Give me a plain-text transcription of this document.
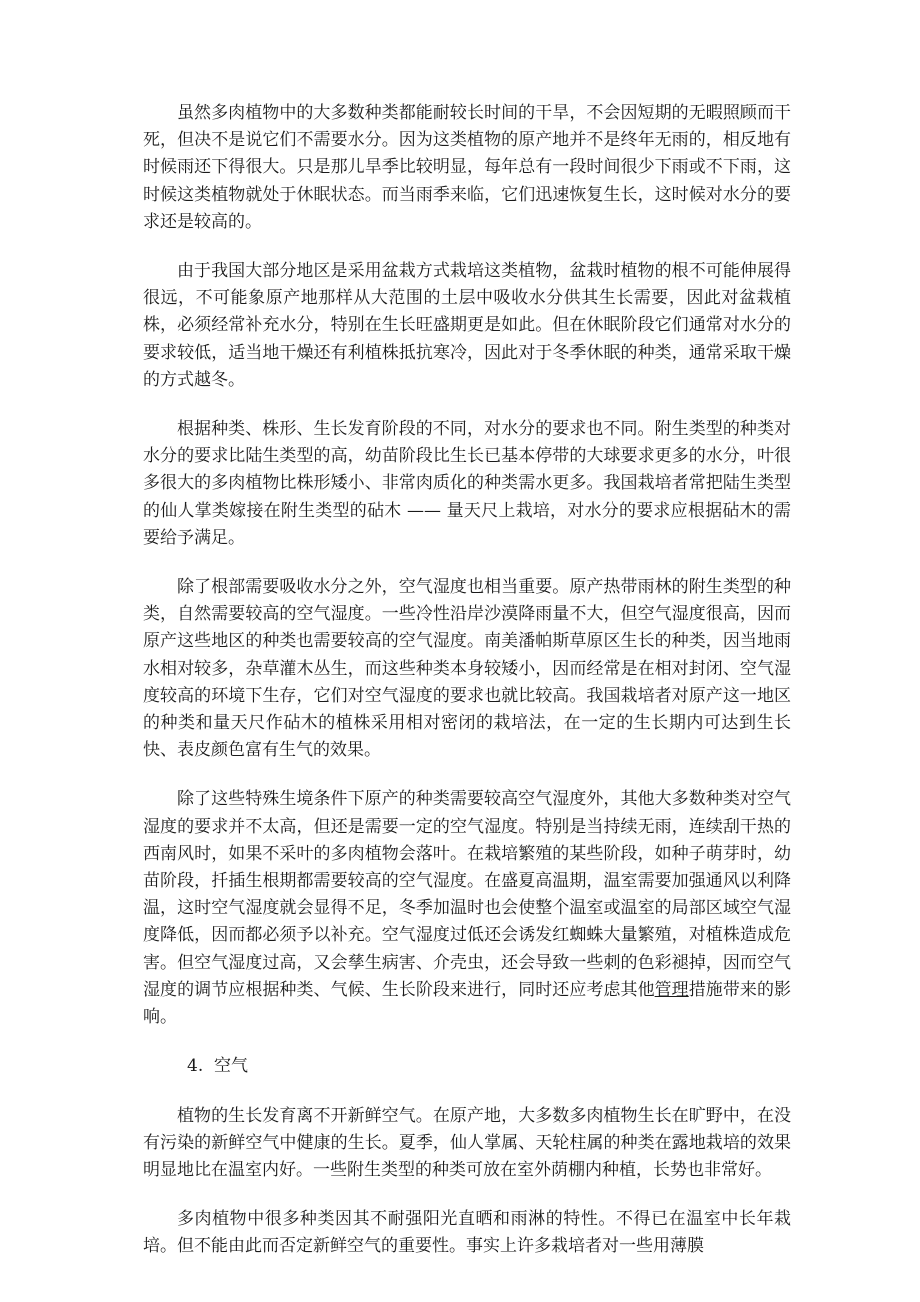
虽然多肉植物中的大多数种类都能耐较长时间的干旱，不会因短期的无暇照顾而干死，但决不是说它们不需要水分。因为这类植物的原产地并不是终年无雨的，相反地有时候雨还下得很大。只是那儿旱季比较明显，每年总有一段时间很少下雨或不下雨，这时候这类植物就处于休眠状态。而当雨季来临，它们迅速恢复生长，这时候对水分的要求还是较高的。

由于我国大部分地区是采用盆栽方式栽培这类植物，盆栽时植物的根不可能伸展得很远，不可能象原产地那样从大范围的土层中吸收水分供其生长需要，因此对盆栽植株，必须经常补充水分，特别在生长旺盛期更是如此。但在休眠阶段它们通常对水分的要求较低，适当地干燥还有利植株抵抗寒冷，因此对于冬季休眠的种类，通常采取干燥的方式越冬。

根据种类、株形、生长发育阶段的不同，对水分的要求也不同。附生类型的种类对水分的要求比陆生类型的高，幼苗阶段比生长已基本停带的大球要求更多的水分，叶很多很大的多肉植物比株形矮小、非常肉质化的种类需水更多。我国栽培者常把陆生类型的仙人掌类嫁接在附生类型的砧木 —— 量天尺上栽培，对水分的要求应根据砧木的需要给予满足。

除了根部需要吸收水分之外，空气湿度也相当重要。原产热带雨林的附生类型的种类，自然需要较高的空气湿度。一些冷性沿岸沙漠降雨量不大，但空气湿度很高，因而原产这些地区的种类也需要较高的空气湿度。南美潘帕斯草原区生长的种类，因当地雨水相对较多，杂草灌木丛生，而这些种类本身较矮小，因而经常是在相对封闭、空气湿度较高的环境下生存，它们对空气湿度的要求也就比较高。我国栽培者对原产这一地区的种类和量天尺作砧木的植株采用相对密闭的栽培法，在一定的生长期内可达到生长快、表皮颜色富有生气的效果。

除了这些特殊生境条件下原产的种类需要较高空气湿度外，其他大多数种类对空气湿度的要求并不太高，但还是需要一定的空气湿度。特别是当持续无雨，连续刮干热的西南风时，如果不采叶的多肉植物会落叶。在栽培繁殖的某些阶段，如种子萌芽时，幼苗阶段，扦插生根期都需要较高的空气湿度。在盛夏高温期，温室需要加强通风以利降温，这时空气湿度就会显得不足，冬季加温时也会使整个温室或温室的局部区域空气湿度降低，因而都必须予以补充。空气湿度过低还会诱发红蜘蛛大量繁殖，对植株造成危害。但空气湿度过高，又会孳生病害、介壳虫，还会导致一些刺的色彩褪掉，因而空气湿度的调节应根据种类、气候、生长阶段来进行，同时还应考虑其他管理措施带来的影响。

4. 空气

植物的生长发育离不开新鲜空气。在原产地，大多数多肉植物生长在旷野中，在没有污染的新鲜空气中健康的生长。夏季，仙人掌属、天轮柱属的种类在露地栽培的效果明显地比在温室内好。一些附生类型的种类可放在室外荫棚内种植，长势也非常好。

多肉植物中很多种类因其不耐强阳光直晒和雨淋的特性。不得已在温室中长年栽培。但不能由此而否定新鲜空气的重要性。事实上许多栽培者对一些用薄膜
